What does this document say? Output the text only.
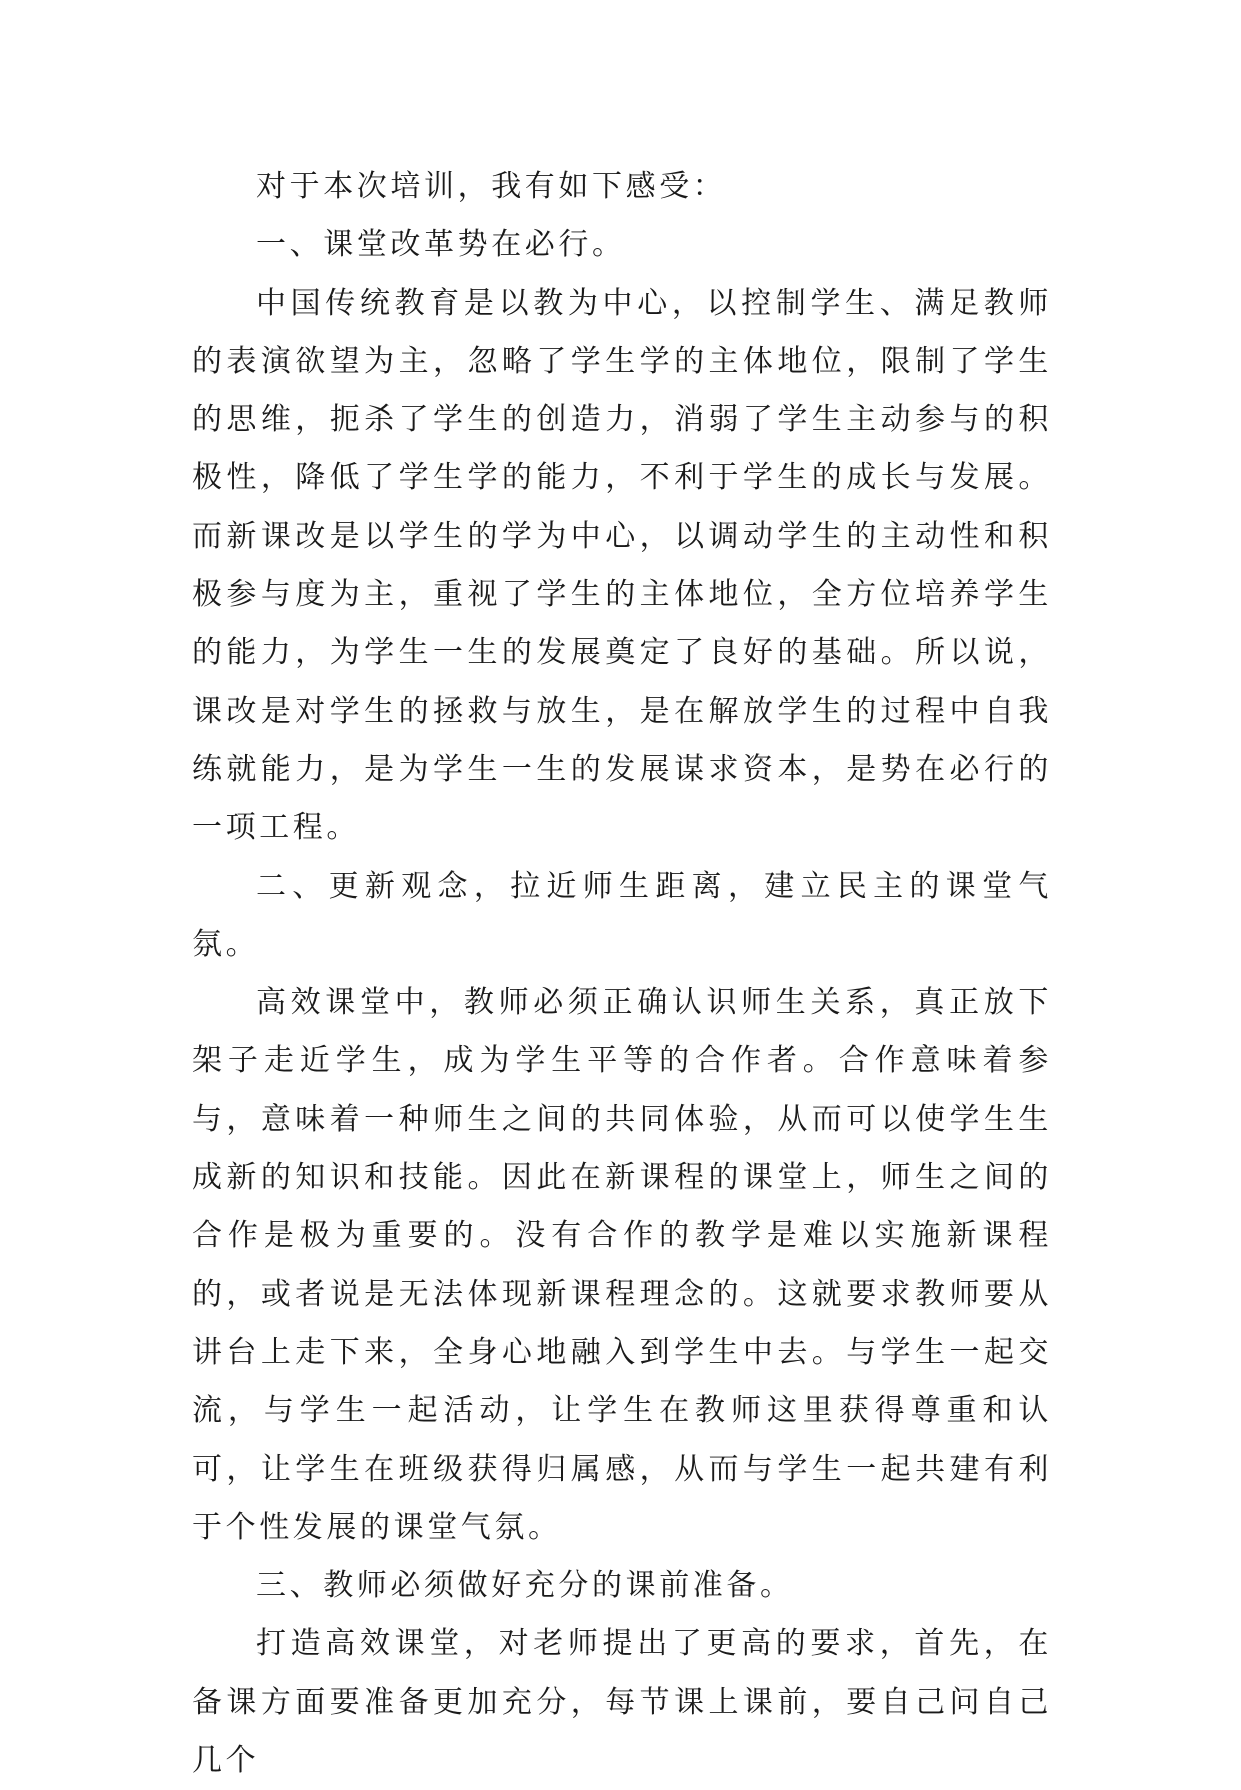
对于本次培训，我有如下感受：

一、课堂改革势在必行。

中国传统教育是以教为中心，以控制学生、满足教师的表演欲望为主，忽略了学生学的主体地位，限制了学生的思维，扼杀了学生的创造力，消弱了学生主动参与的积极性，降低了学生学的能力，不利于学生的成长与发展。而新课改是以学生的学为中心，以调动学生的主动性和积极参与度为主，重视了学生的主体地位，全方位培养学生的能力，为学生一生的发展奠定了良好的基础。所以说，课改是对学生的拯救与放生，是在解放学生的过程中自我练就能力，是为学生一生的发展谋求资本，是势在必行的一项工程。

二、更新观念，拉近师生距离，建立民主的课堂气氛。

高效课堂中，教师必须正确认识师生关系，真正放下架子走近学生，成为学生平等的合作者。合作意味着参与，意味着一种师生之间的共同体验，从而可以使学生生成新的知识和技能。因此在新课程的课堂上，师生之间的合作是极为重要的。没有合作的教学是难以实施新课程的，或者说是无法体现新课程理念的。这就要求教师要从讲台上走下来，全身心地融入到学生中去。与学生一起交流，与学生一起活动，让学生在教师这里获得尊重和认可，让学生在班级获得归属感，从而与学生一起共建有利于个性发展的课堂气氛。

三、教师必须做好充分的课前准备。

打造高效课堂，对老师提出了更高的要求，首先，在备课方面要准备更加充分，每节课上课前，要自己问自己几个
